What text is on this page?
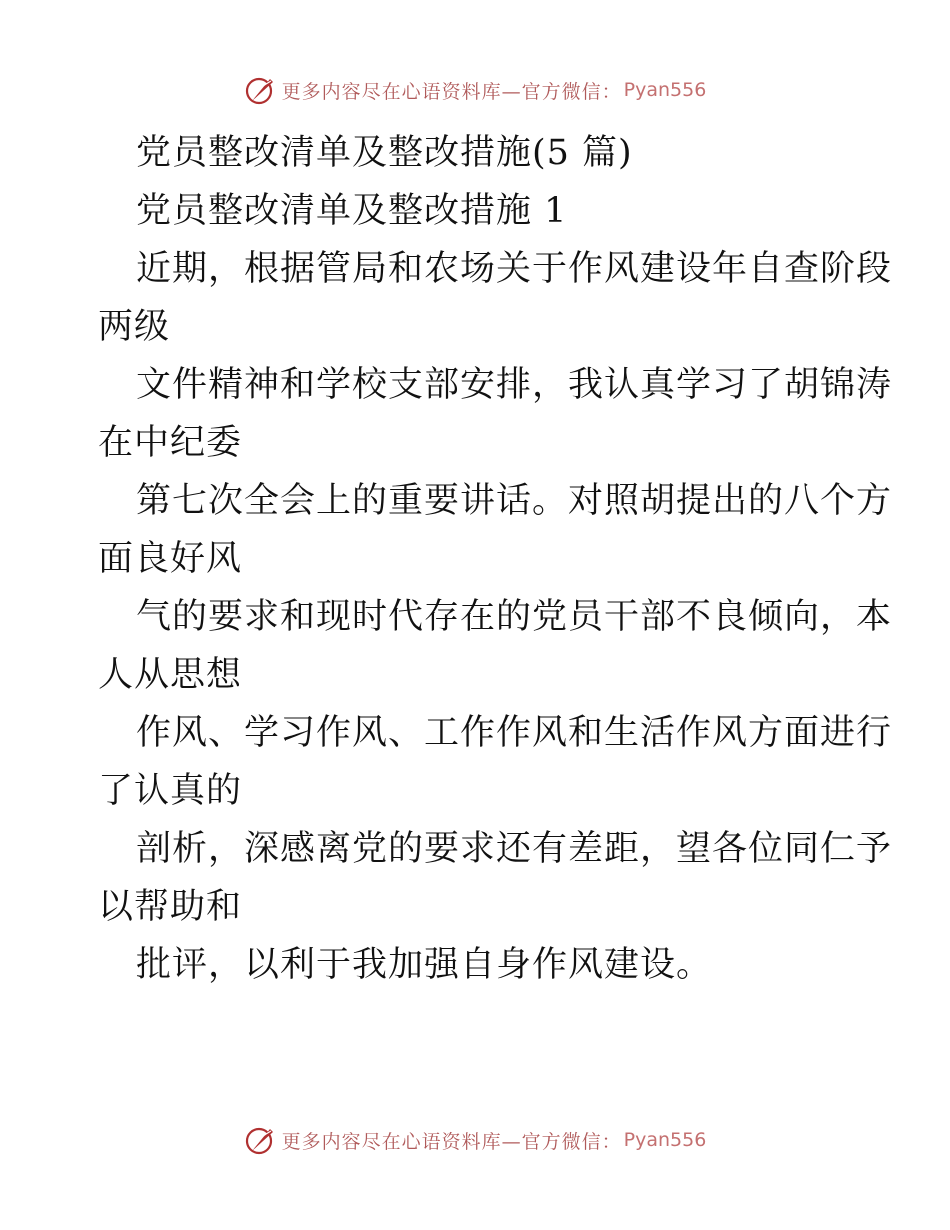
更多内容尽在心语资料库—官方微信： Pyan556
党员整改清单及整改措施(5 篇)
党员整改清单及整改措施 1
近期，根据管局和农场关于作风建设年自查阶段
两级
文件精神和学校支部安排，我认真学习了胡锦涛
在中纪委
第七次全会上的重要讲话。对照胡提出的八个方
面良好风
气的要求和现时代存在的党员干部不良倾向，本
人从思想
作风、学习作风、工作作风和生活作风方面进行
了认真的
剖析，深感离党的要求还有差距，望各位同仁予
以帮助和
批评，以利于我加强自身作风建设。
更多内容尽在心语资料库—官方微信： Pyan556
